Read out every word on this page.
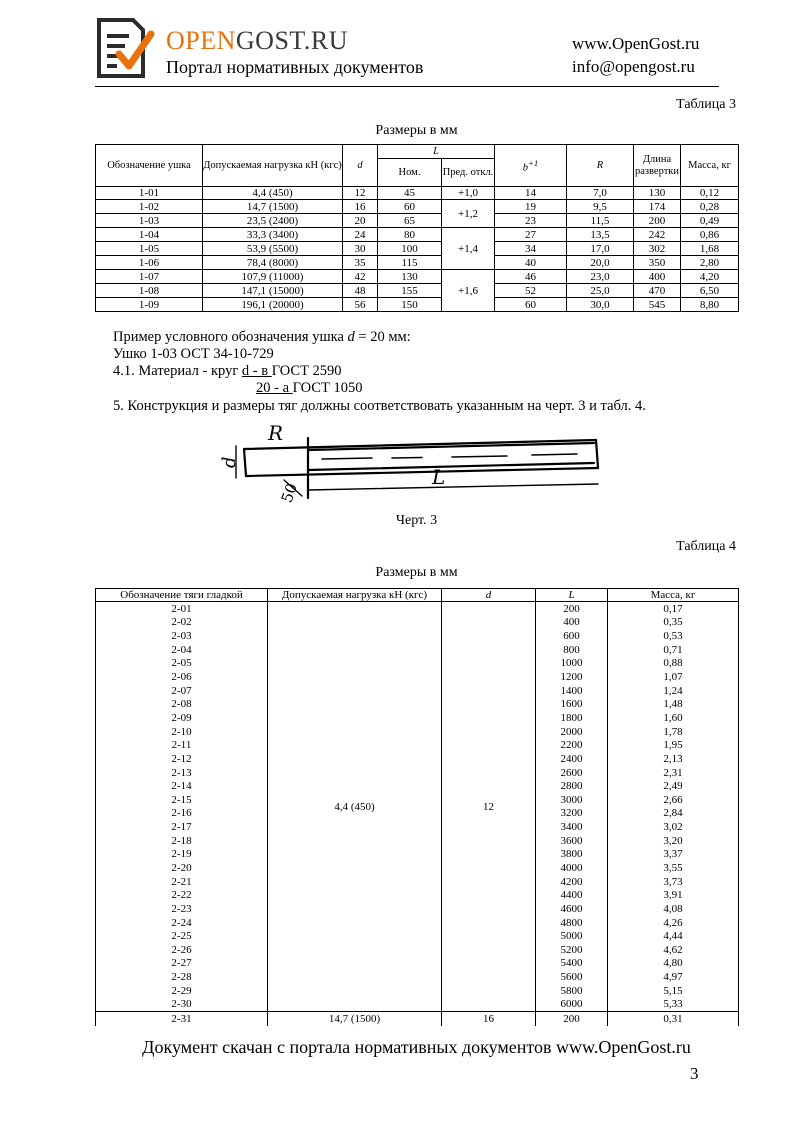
OPENGOST.RU
Портал нормативных документов
www.OpenGost.ru
info@opengost.ru
Таблица 3
Размеры в мм
Обозначение ушка	Допускаемая нагрузка кН (кгс)	d	L		$b^{+1}$	R	Длина развертки	Масса, кг
			Ном.	Пред. откл.				
1-01	4,4 (450)	12	45	+1,0	14	7,0	130	0,12
1-02	14,7 (1500)	16	60	+1,2	19	9,5	174	0,28
1-03	23,5 (2400)	20	65		23	11,5	200	0,49
1-04	33,3 (3400)	24	80	+1,4	27	13,5	242	0,86
1-05	53,9 (5500)	30	100		34	17,0	302	1,68
1-06	78,4 (8000)	35	115		40	20,0	350	2,80
1-07	107,9 (11000)	42	130	+1,6	46	23,0	400	4,20
1-08	147,1 (15000)	48	155		52	25,0	470	6,50
1-09	196,1 (20000)	56	150		60	30,0	545	8,80
Пример условного обозначения ушка d = 20 мм:
Ушко 1-03 ОСТ 34-10-729
4.1. Материал - круг d - в ГОСТ 2590
20 - а ГОСТ 1050
5. Конструкция и размеры тяг должны соответствовать указанным на черт. 3 и табл. 4.
R
d
L
50
Черт. 3
Таблица 4
Размеры в мм
Обозначение тяги гладкой	Допускаемая нагрузка кН (кгс)	d	L	Масса, кг
2-01	4,4 (450)	12	200	0,17
2-02			400	0,35
2-03			600	0,53
2-04			800	0,71
2-05			1000	0,88
2-06			1200	1,07
2-07			1400	1,24
2-08			1600	1,48
2-09			1800	1,60
2-10			2000	1,78
2-11			2200	1,95
2-12			2400	2,13
2-13			2600	2,31
2-14			2800	2,49
2-15			3000	2,66
2-16			3200	2,84
2-17			3400	3,02
2-18			3600	3,20
2-19			3800	3,37
2-20			4000	3,55
2-21			4200	3,73
2-22			4400	3,91
2-23			4600	4,08
2-24			4800	4,26
2-25			5000	4,44
2-26			5200	4,62
2-27			5400	4,80
2-28			5600	4,97
2-29			5800	5,15
2-30			6000	5,33
2-31	14,7 (1500)	16	200	0,31
Документ скачан с портала нормативных документов www.OpenGost.ru
3
